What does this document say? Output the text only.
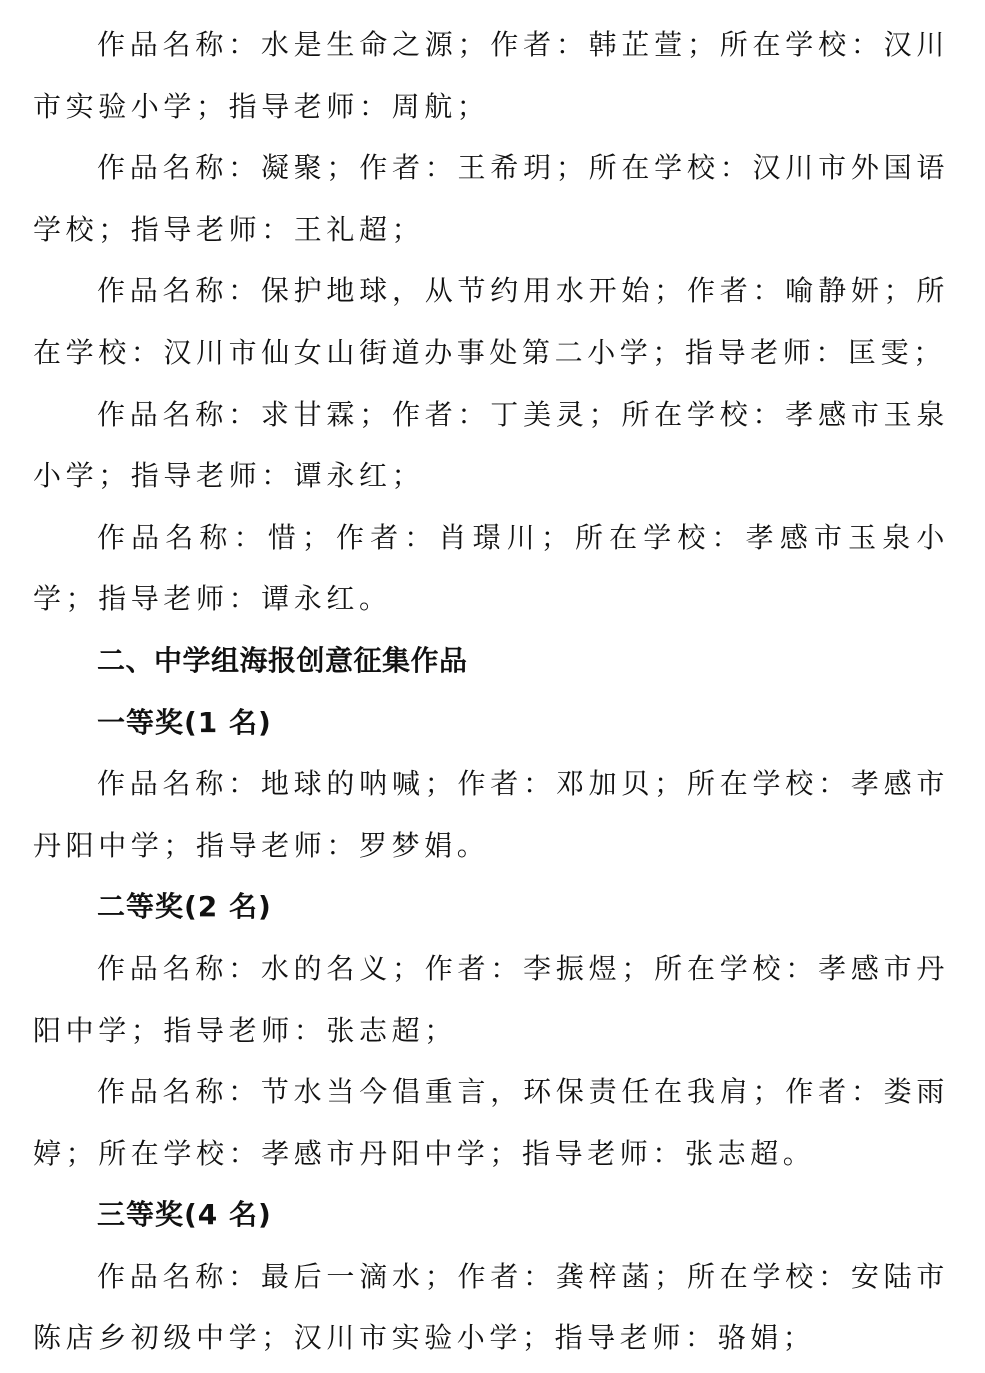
作品名称：水是生命之源；作者：韩芷萱；所在学校：汉川市实验小学；指导老师：周航；

作品名称：凝聚；作者：王希玥；所在学校：汉川市外国语学校；指导老师：王礼超；

作品名称：保护地球，从节约用水开始；作者：喻静妍；所在学校：汉川市仙女山街道办事处第二小学；指导老师：匡雯；

作品名称：求甘霖；作者：丁美灵；所在学校：孝感市玉泉小学；指导老师：谭永红；

作品名称：惜；作者：肖璟川；所在学校：孝感市玉泉小学；指导老师：谭永红。

二、中学组海报创意征集作品

一等奖(1 名)

作品名称：地球的呐喊；作者：邓加贝；所在学校：孝感市丹阳中学；指导老师：罗梦娟。

二等奖(2 名)

作品名称：水的名义；作者：李振煜；所在学校：孝感市丹阳中学；指导老师：张志超；

作品名称：节水当今倡重言，环保责任在我肩；作者：娄雨婷；所在学校：孝感市丹阳中学；指导老师：张志超。

三等奖(4 名)

作品名称：最后一滴水；作者：龚梓菡；所在学校：安陆市陈店乡初级中学；汉川市实验小学；指导老师：骆娟；
